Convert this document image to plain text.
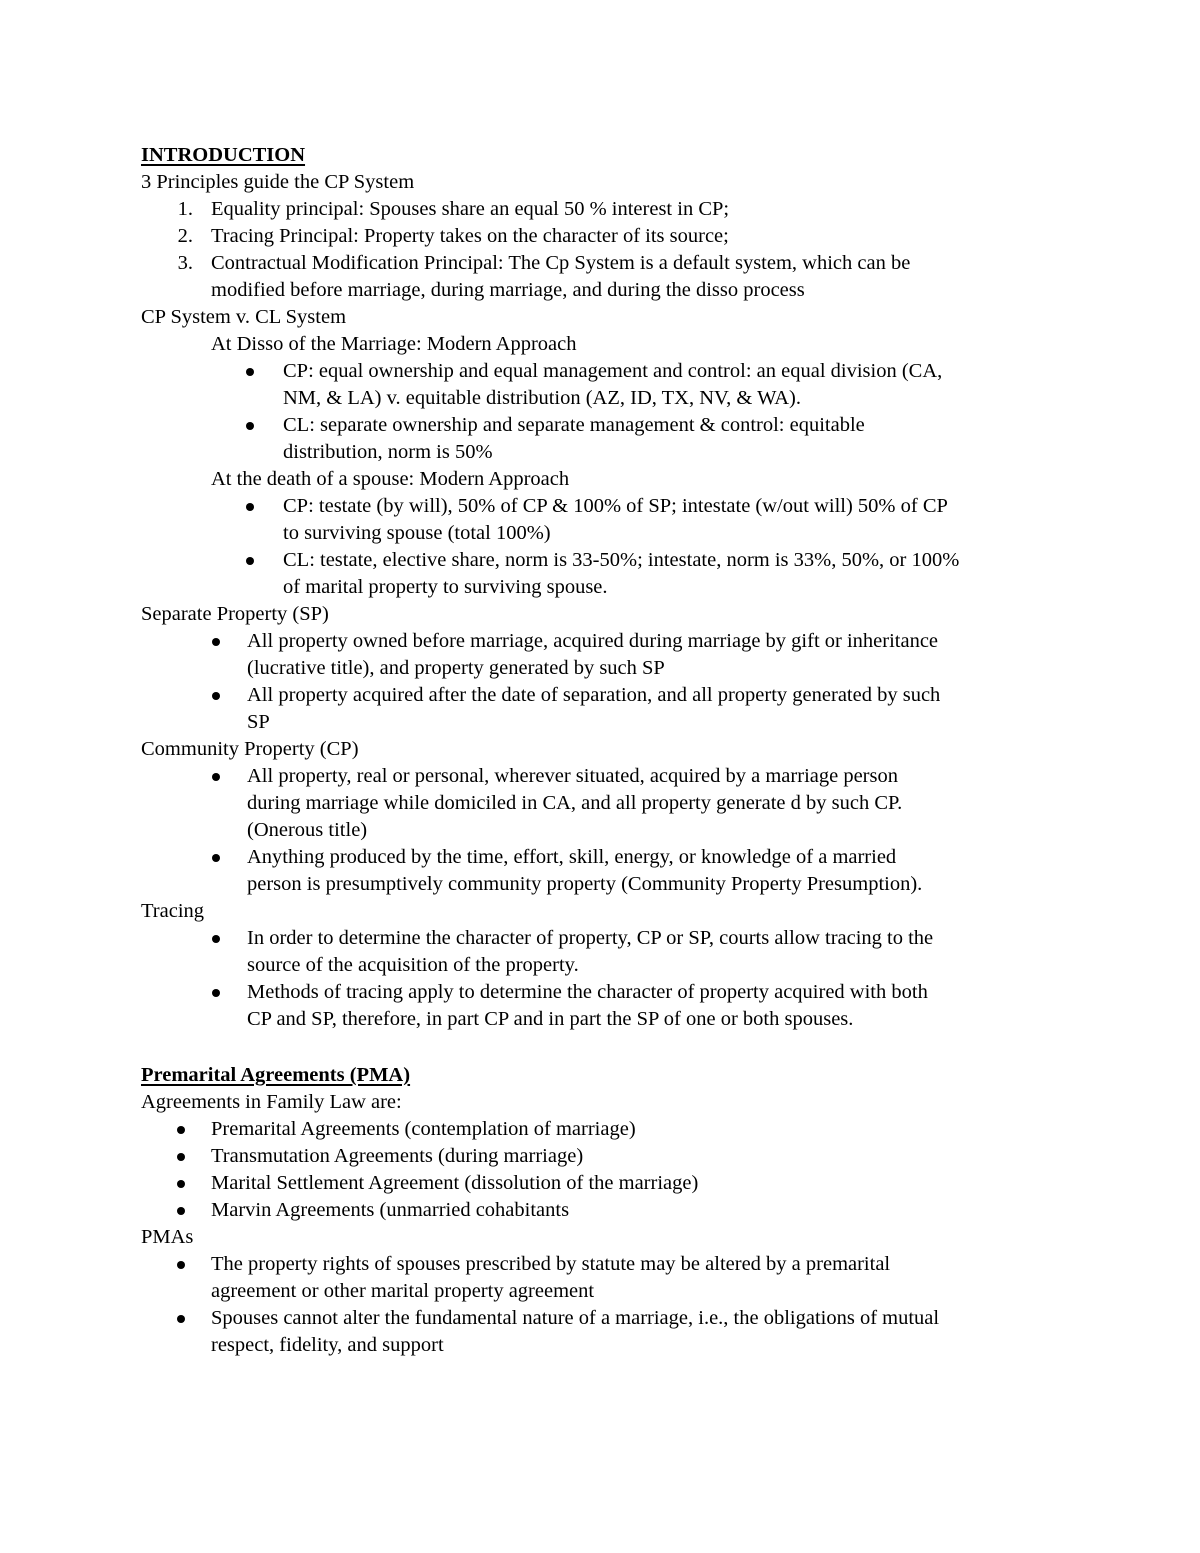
INTRODUCTION
3 Principles guide the CP System
1. Equality principal: Spouses share an equal 50 % interest in CP;
2. Tracing Principal: Property takes on the character of its source;
3. Contractual Modification Principal: The Cp System is a default system, which can be
modified before marriage, during marriage, and during the disso process
CP System v. CL System
At Disso of the Marriage: Modern Approach
CP: equal ownership and equal management and control: an equal division (CA,
NM, & LA) v. equitable distribution (AZ, ID, TX, NV, & WA).
CL: separate ownership and separate management & control: equitable
distribution, norm is 50%
At the death of a spouse: Modern Approach
CP: testate (by will), 50% of CP & 100% of SP; intestate (w/out will) 50% of CP
to surviving spouse (total 100%)
CL: testate, elective share, norm is 33-50%; intestate, norm is 33%, 50%, or 100%
of marital property to surviving spouse.
Separate Property (SP)
All property owned before marriage, acquired during marriage by gift or inheritance
(lucrative title), and property generated by such SP
All property acquired after the date of separation, and all property generated by such
SP
Community Property (CP)
All property, real or personal, wherever situated, acquired by a marriage person
during marriage while domiciled in CA, and all property generate d by such CP.
(Onerous title)
Anything produced by the time, effort, skill, energy, or knowledge of a married
person is presumptively community property (Community Property Presumption).
Tracing
In order to determine the character of property, CP or SP, courts allow tracing to the
source of the acquisition of the property.
Methods of tracing apply to determine the character of property acquired with both
CP and SP, therefore, in part CP and in part the SP of one or both spouses.
Premarital Agreements (PMA)
Agreements in Family Law are:
Premarital Agreements (contemplation of marriage)
Transmutation Agreements (during marriage)
Marital Settlement Agreement (dissolution of the marriage)
Marvin Agreements (unmarried cohabitants
PMAs
The property rights of spouses prescribed by statute may be altered by a premarital
agreement or other marital property agreement
Spouses cannot alter the fundamental nature of a marriage, i.e., the obligations of mutual
respect, fidelity, and support
